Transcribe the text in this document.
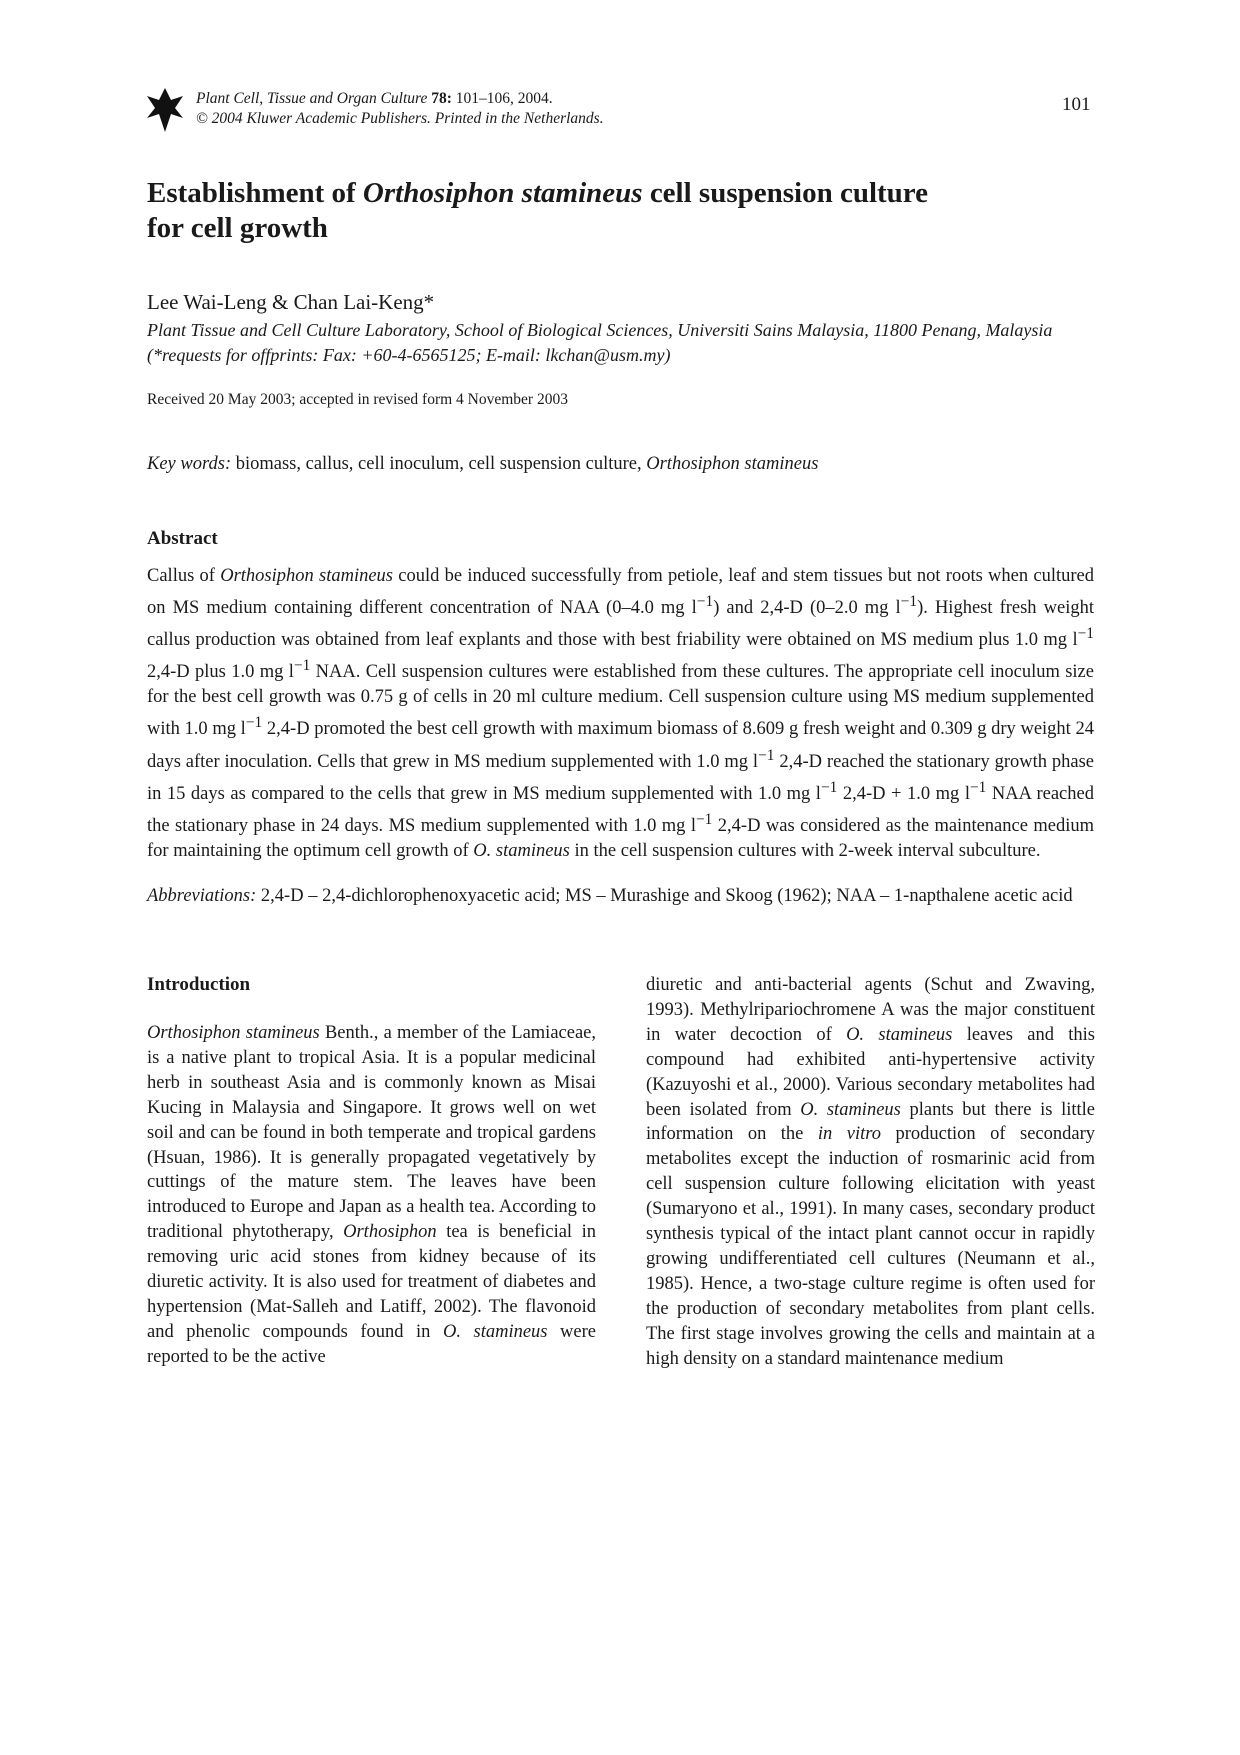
Plant Cell, Tissue and Organ Culture 78: 101–106, 2004.
© 2004 Kluwer Academic Publishers. Printed in the Netherlands.
101
Establishment of Orthosiphon stamineus cell suspension culture for cell growth
Lee Wai-Leng & Chan Lai-Keng*
Plant Tissue and Cell Culture Laboratory, School of Biological Sciences, Universiti Sains Malaysia, 11800 Penang, Malaysia (*requests for offprints: Fax: +60-4-6565125; E-mail: lkchan@usm.my)
Received 20 May 2003; accepted in revised form 4 November 2003
Key words: biomass, callus, cell inoculum, cell suspension culture, Orthosiphon stamineus
Abstract

Callus of Orthosiphon stamineus could be induced successfully from petiole, leaf and stem tissues but not roots when cultured on MS medium containing different concentration of NAA (0–4.0 mg $l^{-1}$) and 2,4-D (0–2.0 mg $l^{-1}$). Highest fresh weight callus production was obtained from leaf explants and those with best friability were obtained on MS medium plus 1.0 mg $l^{-1}$ 2,4-D plus 1.0 mg $l^{-1}$ NAA. Cell suspension cultures were established from these cultures. The appropriate cell inoculum size for the best cell growth was 0.75 g of cells in 20 ml culture medium. Cell suspension culture using MS medium supplemented with 1.0 mg $l^{-1}$ 2,4-D promoted the best cell growth with maximum biomass of 8.609 g fresh weight and 0.309 g dry weight 24 days after inoculation. Cells that grew in MS medium supplemented with 1.0 mg $l^{-1}$ 2,4-D reached the stationary growth phase in 15 days as compared to the cells that grew in MS medium supplemented with 1.0 mg $l^{-1}$ 2,4-D + 1.0 mg $l^{-1}$ NAA reached the stationary phase in 24 days. MS medium supplemented with 1.0 mg $l^{-1}$ 2,4-D was considered as the maintenance medium for maintaining the optimum cell growth of O. stamineus in the cell suspension cultures with 2-week interval subculture.

Abbreviations: 2,4-D – 2,4-dichlorophenoxyacetic acid; MS – Murashige and Skoog (1962); NAA – 1-napthalene acetic acid

Introduction

Orthosiphon stamineus Benth., a member of the Lamiaceae, is a native plant to tropical Asia. It is a popular medicinal herb in southeast Asia and is commonly known as Misai Kucing in Malaysia and Singapore. It grows well on wet soil and can be found in both temperate and tropical gardens (Hsuan, 1986). It is generally propagated vegetatively by cuttings of the mature stem. The leaves have been introduced to Europe and Japan as a health tea. According to traditional phytotherapy, Orthosiphon tea is beneficial in removing uric acid stones from kidney because of its diuretic activity. It is also used for treatment of diabetes and hypertension (Mat-Salleh and Latiff, 2002). The flavonoid and phenolic compounds found in O. stamineus were reported to be the active

diuretic and anti-bacterial agents (Schut and Zwaving, 1993). Methylripariochromene A was the major constituent in water decoction of O. stamineus leaves and this compound had exhibited anti-hypertensive activity (Kazuyoshi et al., 2000). Various secondary metabolites had been isolated from O. stamineus plants but there is little information on the in vitro production of secondary metabolites except the induction of rosmarinic acid from cell suspension culture following elicitation with yeast (Sumaryono et al., 1991). In many cases, secondary product synthesis typical of the intact plant cannot occur in rapidly growing undifferentiated cell cultures (Neumann et al., 1985). Hence, a two-stage culture regime is often used for the production of secondary metabolites from plant cells. The first stage involves growing the cells and maintain at a high density on a standard maintenance medium
